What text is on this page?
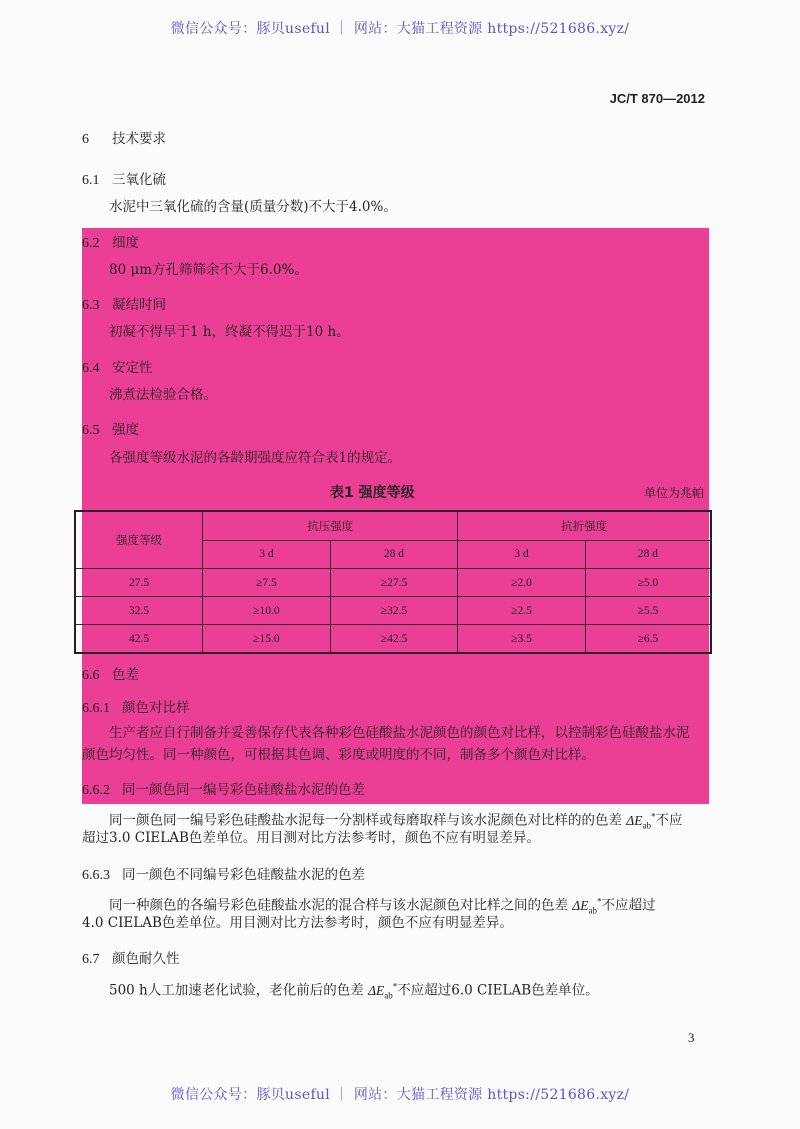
微信公众号：豚贝useful ｜ 网站：大猫工程资源 https://521686.xyz/
JC/T 870—2012
6 技术要求
6.1 三氧化硫
水泥中三氧化硫的含量(质量分数)不大于4.0%。
6.2 细度
80 μm方孔筛筛余不大于6.0%。
6.3 凝结时间
初凝不得早于1 h，终凝不得迟于10 h。
6.4 安定性
沸煮法检验合格。
6.5 强度
各强度等级水泥的各龄期强度应符合表1的规定。
表1 强度等级	单位为兆帕
强度等级	抗压强度		抗折强度	
	3 d	28 d	3 d	28 d
27.5	≥7.5	≥27.5	≥2.0	≥5.0
32.5	≥10.0	≥32.5	≥2.5	≥5.5
42.5	≥15.0	≥42.5	≥3.5	≥6.5
6.6 色差
6.6.1 颜色对比样
生产者应自行制备并妥善保存代表各种彩色硅酸盐水泥颜色的颜色对比样，以控制彩色硅酸盐水泥
颜色均匀性。同一种颜色，可根据其色调、彩度或明度的不同，制备多个颜色对比样。
6.6.2 同一颜色同一编号彩色硅酸盐水泥的色差
同一颜色同一编号彩色硅酸盐水泥每一分割样或每磨取样与该水泥颜色对比样的的色差 $\Delta E_{ab}^*$不应
超过3.0 CIELAB色差单位。用目测对比方法参考时，颜色不应有明显差异。
6.6.3 同一颜色不同编号彩色硅酸盐水泥的色差
同一种颜色的各编号彩色硅酸盐水泥的混合样与该水泥颜色对比样之间的色差 $\Delta E_{ab}^*$不应超过
4.0 CIELAB色差单位。用目测对比方法参考时，颜色不应有明显差异。
6.7 颜色耐久性
500 h人工加速老化试验，老化前后的色差 $\Delta E_{ab}^*$不应超过6.0 CIELAB色差单位。
3
微信公众号：豚贝useful ｜ 网站：大猫工程资源 https://521686.xyz/
